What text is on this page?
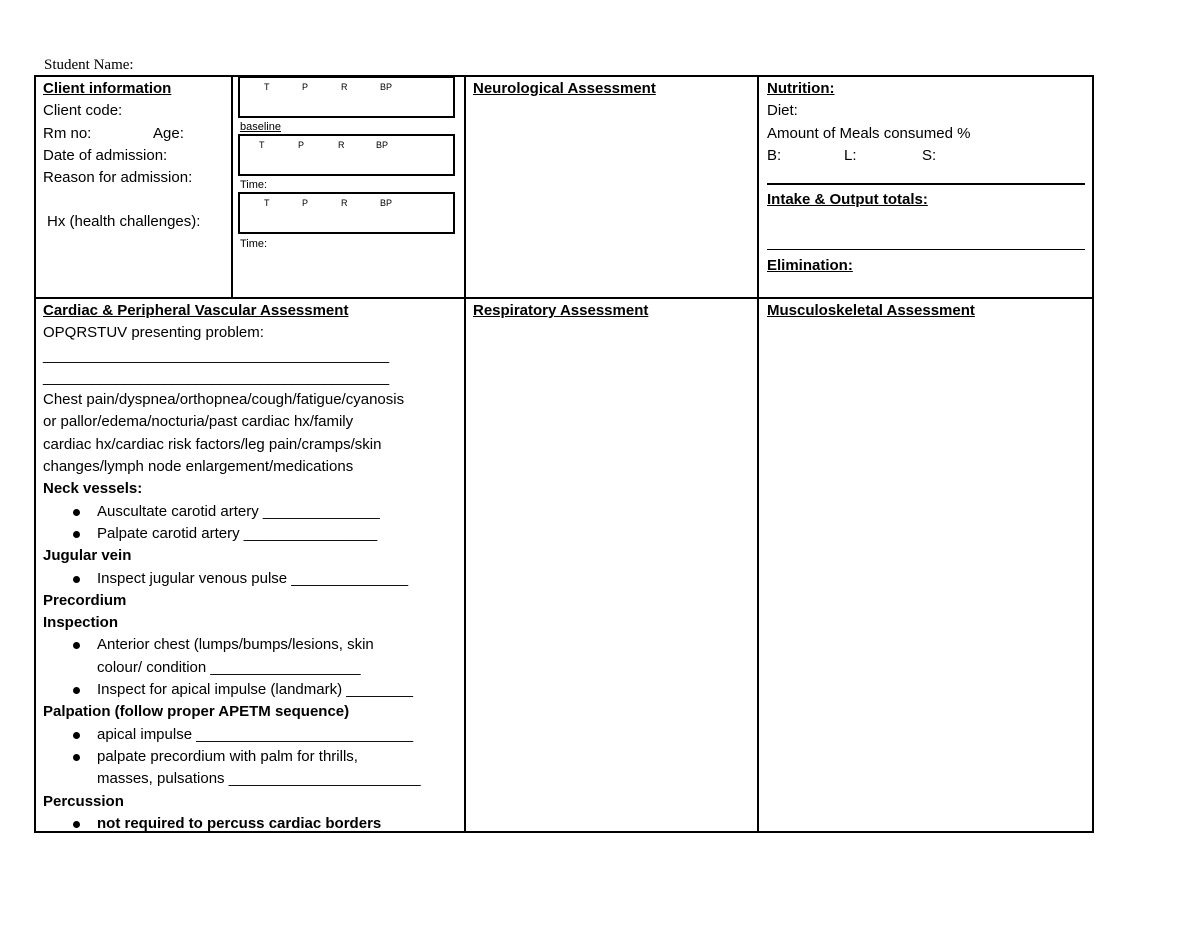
Student Name:
Client information
Client code:
Rm no:	Age:
Date of admission:
Reason for admission:
Hx (health challenges):
T	P	R	BP
baseline
T	P	R	BP
Time:
T	P	R	BP
Time:
Neurological Assessment	Nutrition:
Diet:
Amount of Meals consumed %
B:	L:	S:
Intake & Output totals:
Elimination:
Cardiac & Peripheral Vascular Assessment
OPQRSTUV presenting problem:
___________________________________________
___________________________________________
Chest pain/dyspnea/orthopnea/cough/fatigue/cyanosis
or pallor/edema/nocturia/past cardiac hx/family
cardiac hx/cardiac risk factors/leg pain/cramps/skin
changes/lymph node enlargement/medications
Neck vessels:
Auscultate carotid artery ______________
Palpate carotid artery ________________
Jugular vein
Inspect jugular venous pulse ______________
Precordium
Inspection
Anterior chest (lumps/bumps/lesions, skin
colour/ condition __________________
Inspect for apical impulse (landmark) ________
Palpation (follow proper APETM sequence)
apical impulse __________________________
palpate precordium with palm for thrills,
masses, pulsations _______________________
Percussion
not required to percuss cardiac borders
Respiratory Assessment	Musculoskeletal Assessment
